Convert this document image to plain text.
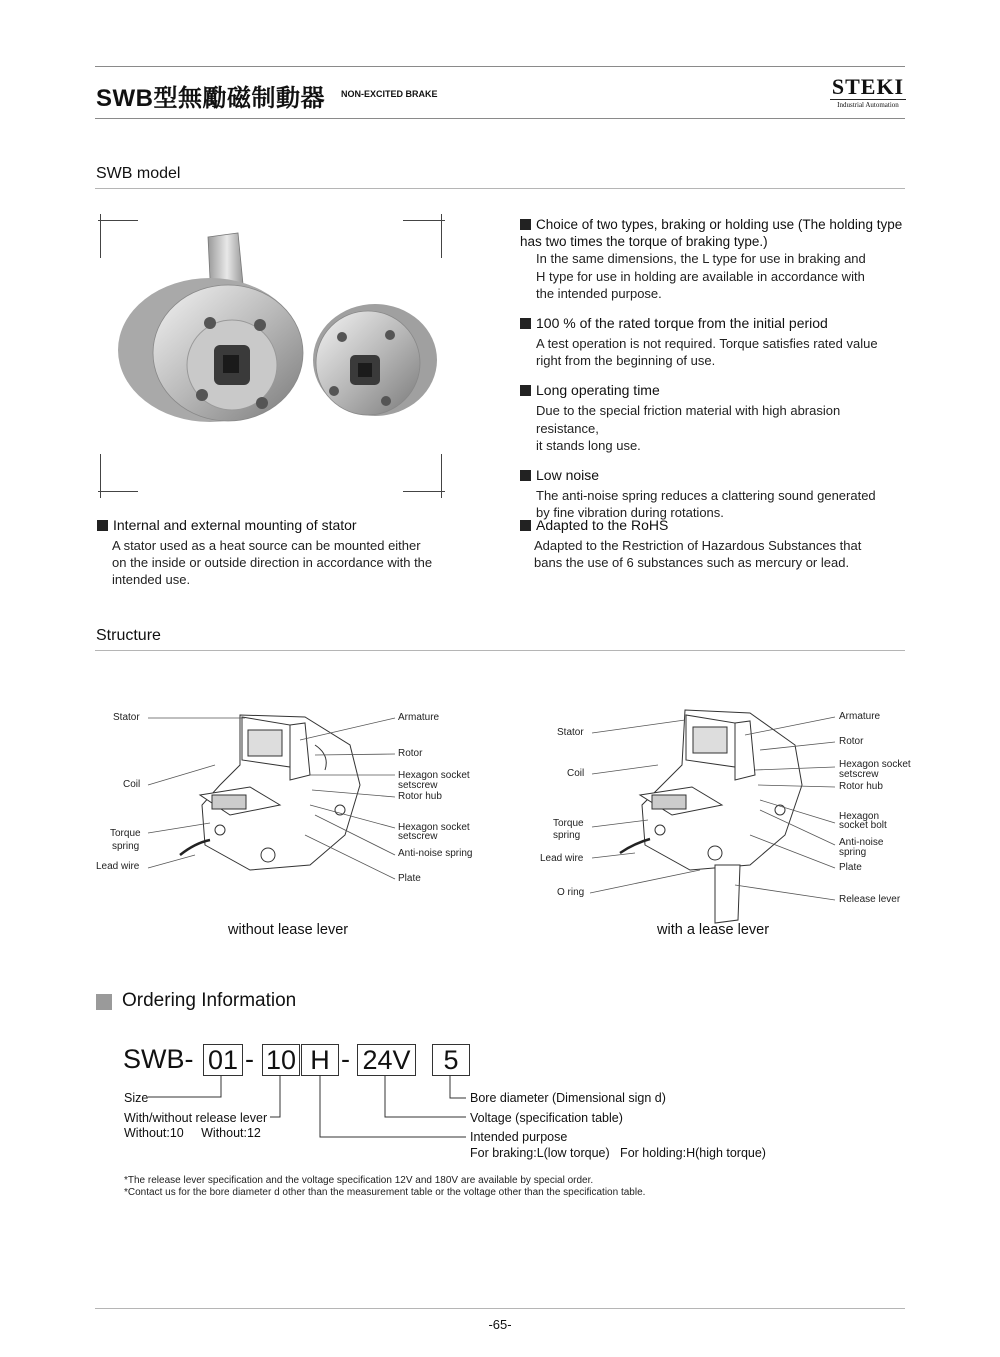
SWB型無勵磁制動器 NON-EXCITED BRAKE	STEKI
Industrial Automation
SWB model
Choice of two types, braking or holding use (The holding type has two times the torque of braking type.)
In the same dimensions, the L type for use in braking and
H type for use in holding are available in accordance with
the intended purpose.
100 % of the rated torque from the initial period
A test operation is not required. Torque satisfies rated value
right from the beginning of use.
Long operating time
Due to the special friction material with high abrasion resistance,
it stands long use.
Low noise
The anti-noise spring reduces a clattering sound generated
by fine vibration during rotations.
Adapted to the RoHS
Adapted to the Restriction of Hazardous Substances that
bans the use of 6 substances such as mercury or lead.
Internal and external mounting of stator
A stator used as a heat source can be mounted either
on the inside or outside direction in accordance with the
intended use.
Structure
Stator
Coil
Torque
spring
Lead wire
Armature
Rotor
Hexagon socket
setscrew
Rotor hub
Hexagon socket
setscrew
Anti-noise spring
Plate
without lease lever
Stator
Coil
Torque
spring
Lead wire
O ring
Armature
Rotor
Hexagon socket
setscrew
Rotor hub
Hexagon
socket bolt
Anti-noise
spring
Plate
Release lever
with a lease lever
Ordering Information
SWB- 01 - 10 H - 24V	5
Size
With/without release lever
Without:10     Without:12
Bore diameter (Dimensional sign d)
Voltage (specification table)
Intended purpose
For braking:L(low torque)   For holding:H(high torque)
*The release lever specification and the voltage specification 12V and 180V are available by special order.
*Contact us for the bore diameter d other than the measurement table or the voltage other than the specification table.
-65-
